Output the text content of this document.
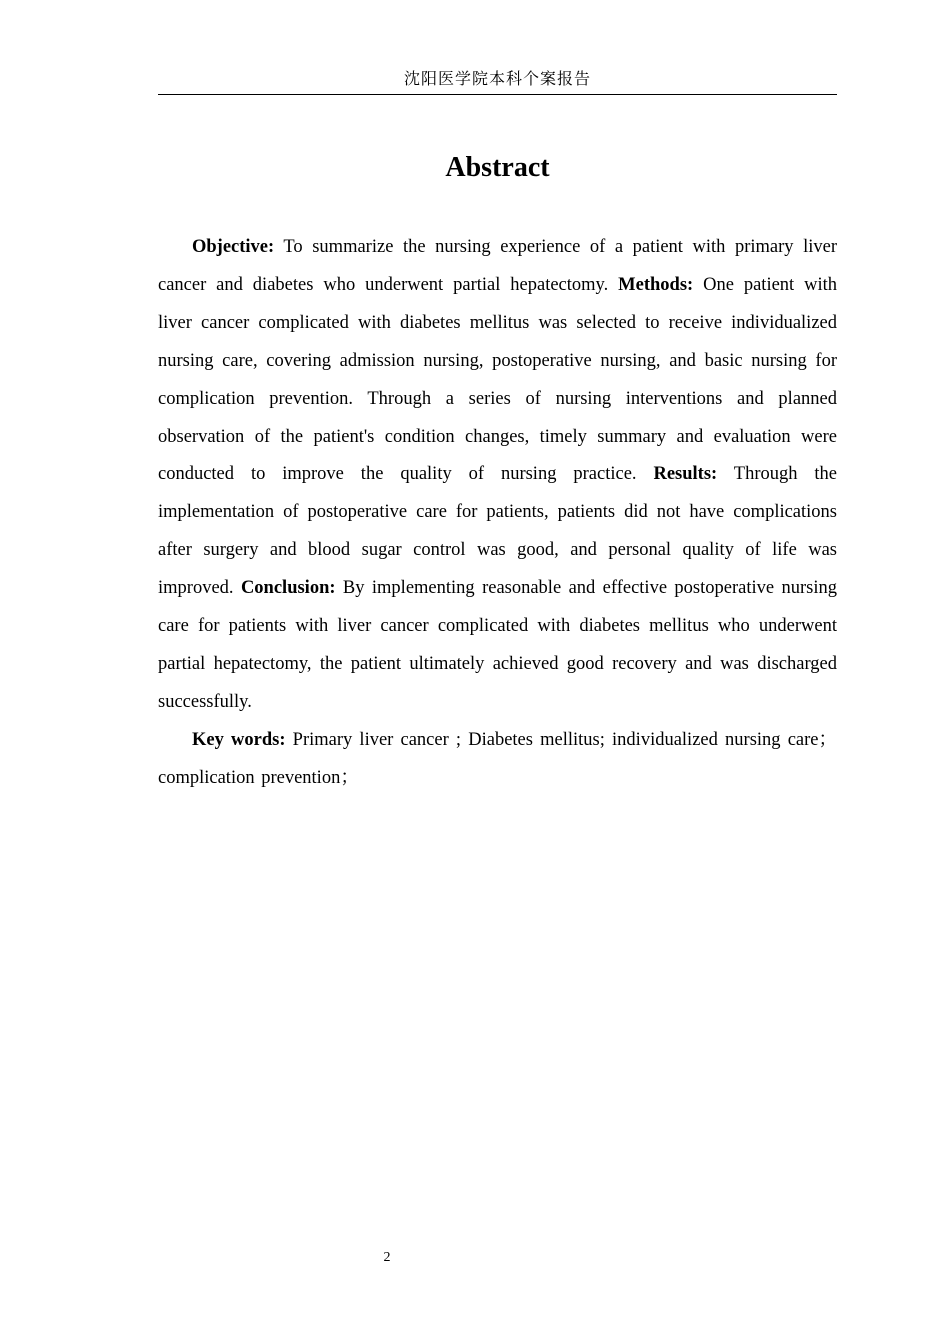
沈阳医学院本科个案报告
Abstract

Objective: To summarize the nursing experience of a patient with primary liver cancer and diabetes who underwent partial hepatectomy. Methods: One patient with liver cancer complicated with diabetes mellitus was selected to receive individualized nursing care, covering admission nursing, postoperative nursing, and basic nursing for complication prevention. Through a series of nursing interventions and planned observation of the patient's condition changes, timely summary and evaluation were conducted to improve the quality of nursing practice. Results: Through the implementation of postoperative care for patients, patients did not have complications after surgery and blood sugar control was good, and personal quality of life was improved. Conclusion: By implementing reasonable and effective postoperative nursing care for patients with liver cancer complicated with diabetes mellitus who underwent partial hepatectomy, the patient ultimately achieved good recovery and was discharged successfully.

Key words: Primary liver cancer ; Diabetes mellitus; individualized nursing care；complication prevention；

2
